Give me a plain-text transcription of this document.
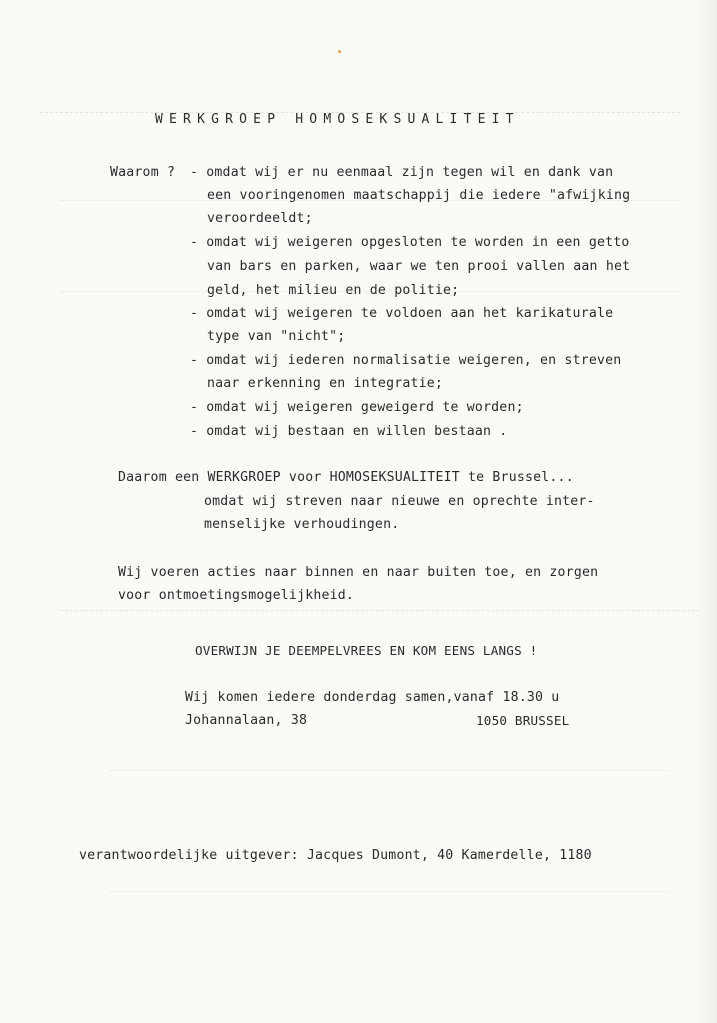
WERKGROEP HOMOSEKSUALITEIT
Waarom ? - omdat wij er nu eenmaal zijn tegen wil en dank van
een vooringenomen maatschappij die iedere "afwijking
veroordeeldt;
- omdat wij weigeren opgesloten te worden in een getto
van bars en parken, waar we ten prooi vallen aan het
geld, het milieu en de politie;
- omdat wij weigeren te voldoen aan het karikaturale
type van "nicht";
- omdat wij iederen normalisatie weigeren, en streven
naar erkenning en integratie;
- omdat wij weigeren geweigerd te worden;
- omdat wij bestaan en willen bestaan .
Daarom een WERKGROEP voor HOMOSEKSUALITEIT te Brussel...
omdat wij streven naar nieuwe en oprechte inter-
menselijke verhoudingen.
Wij voeren acties naar binnen en naar buiten toe, en zorgen
voor ontmoetingsmogelijkheid.
OVERWIJN JE DEEMPELVREES EN KOM EENS LANGS !
Wij komen iedere donderdag samen,vanaf 18.30 u
Johannalaan, 38	1050 BRUSSEL
verantwoordelijke uitgever: Jacques Dumont, 40 Kamerdelle, 1180
